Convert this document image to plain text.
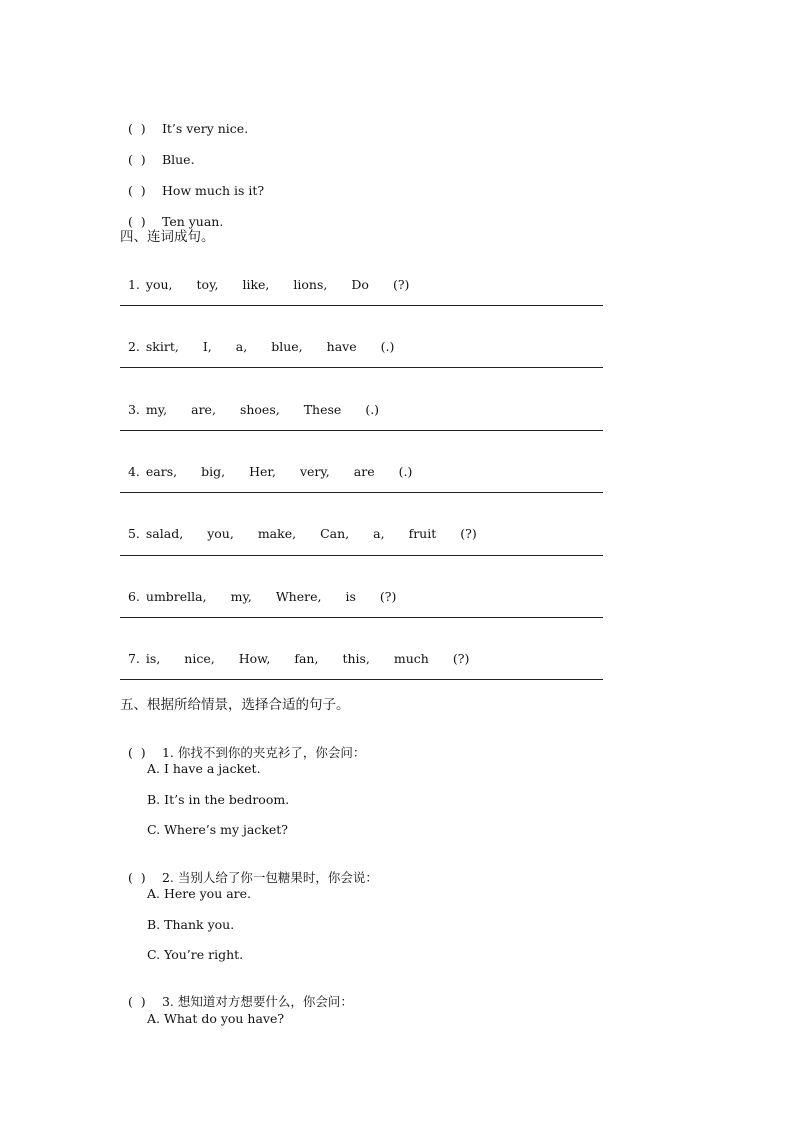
(  ) It’s very nice.

(  ) Blue.

(  ) How much is it?

(  ) Ten yuan.

四、连词成句。

1. you, toy, like, lions, Do (?)

2. skirt, I, a, blue, have (.)

3. my, are, shoes, These (.)

4. ears, big, Her, very, are (.)

5. salad, you, make, Can, a, fruit (?)

6. umbrella, my, Where, is (?)

7. is, nice, How, fan, this, much (?)

五、根据所给情景，选择合适的句子。

(  ) 1. 你找不到你的夹克衫了，你会问：

A. I have a jacket.
B. It’s in the bedroom.
C. Where’s my jacket?

(  ) 2. 当别人给了你一包糖果时，你会说：

A. Here you are.
B. Thank you.
C. You’re right.

(  ) 3. 想知道对方想要什么，你会问：

A. What do you have?
